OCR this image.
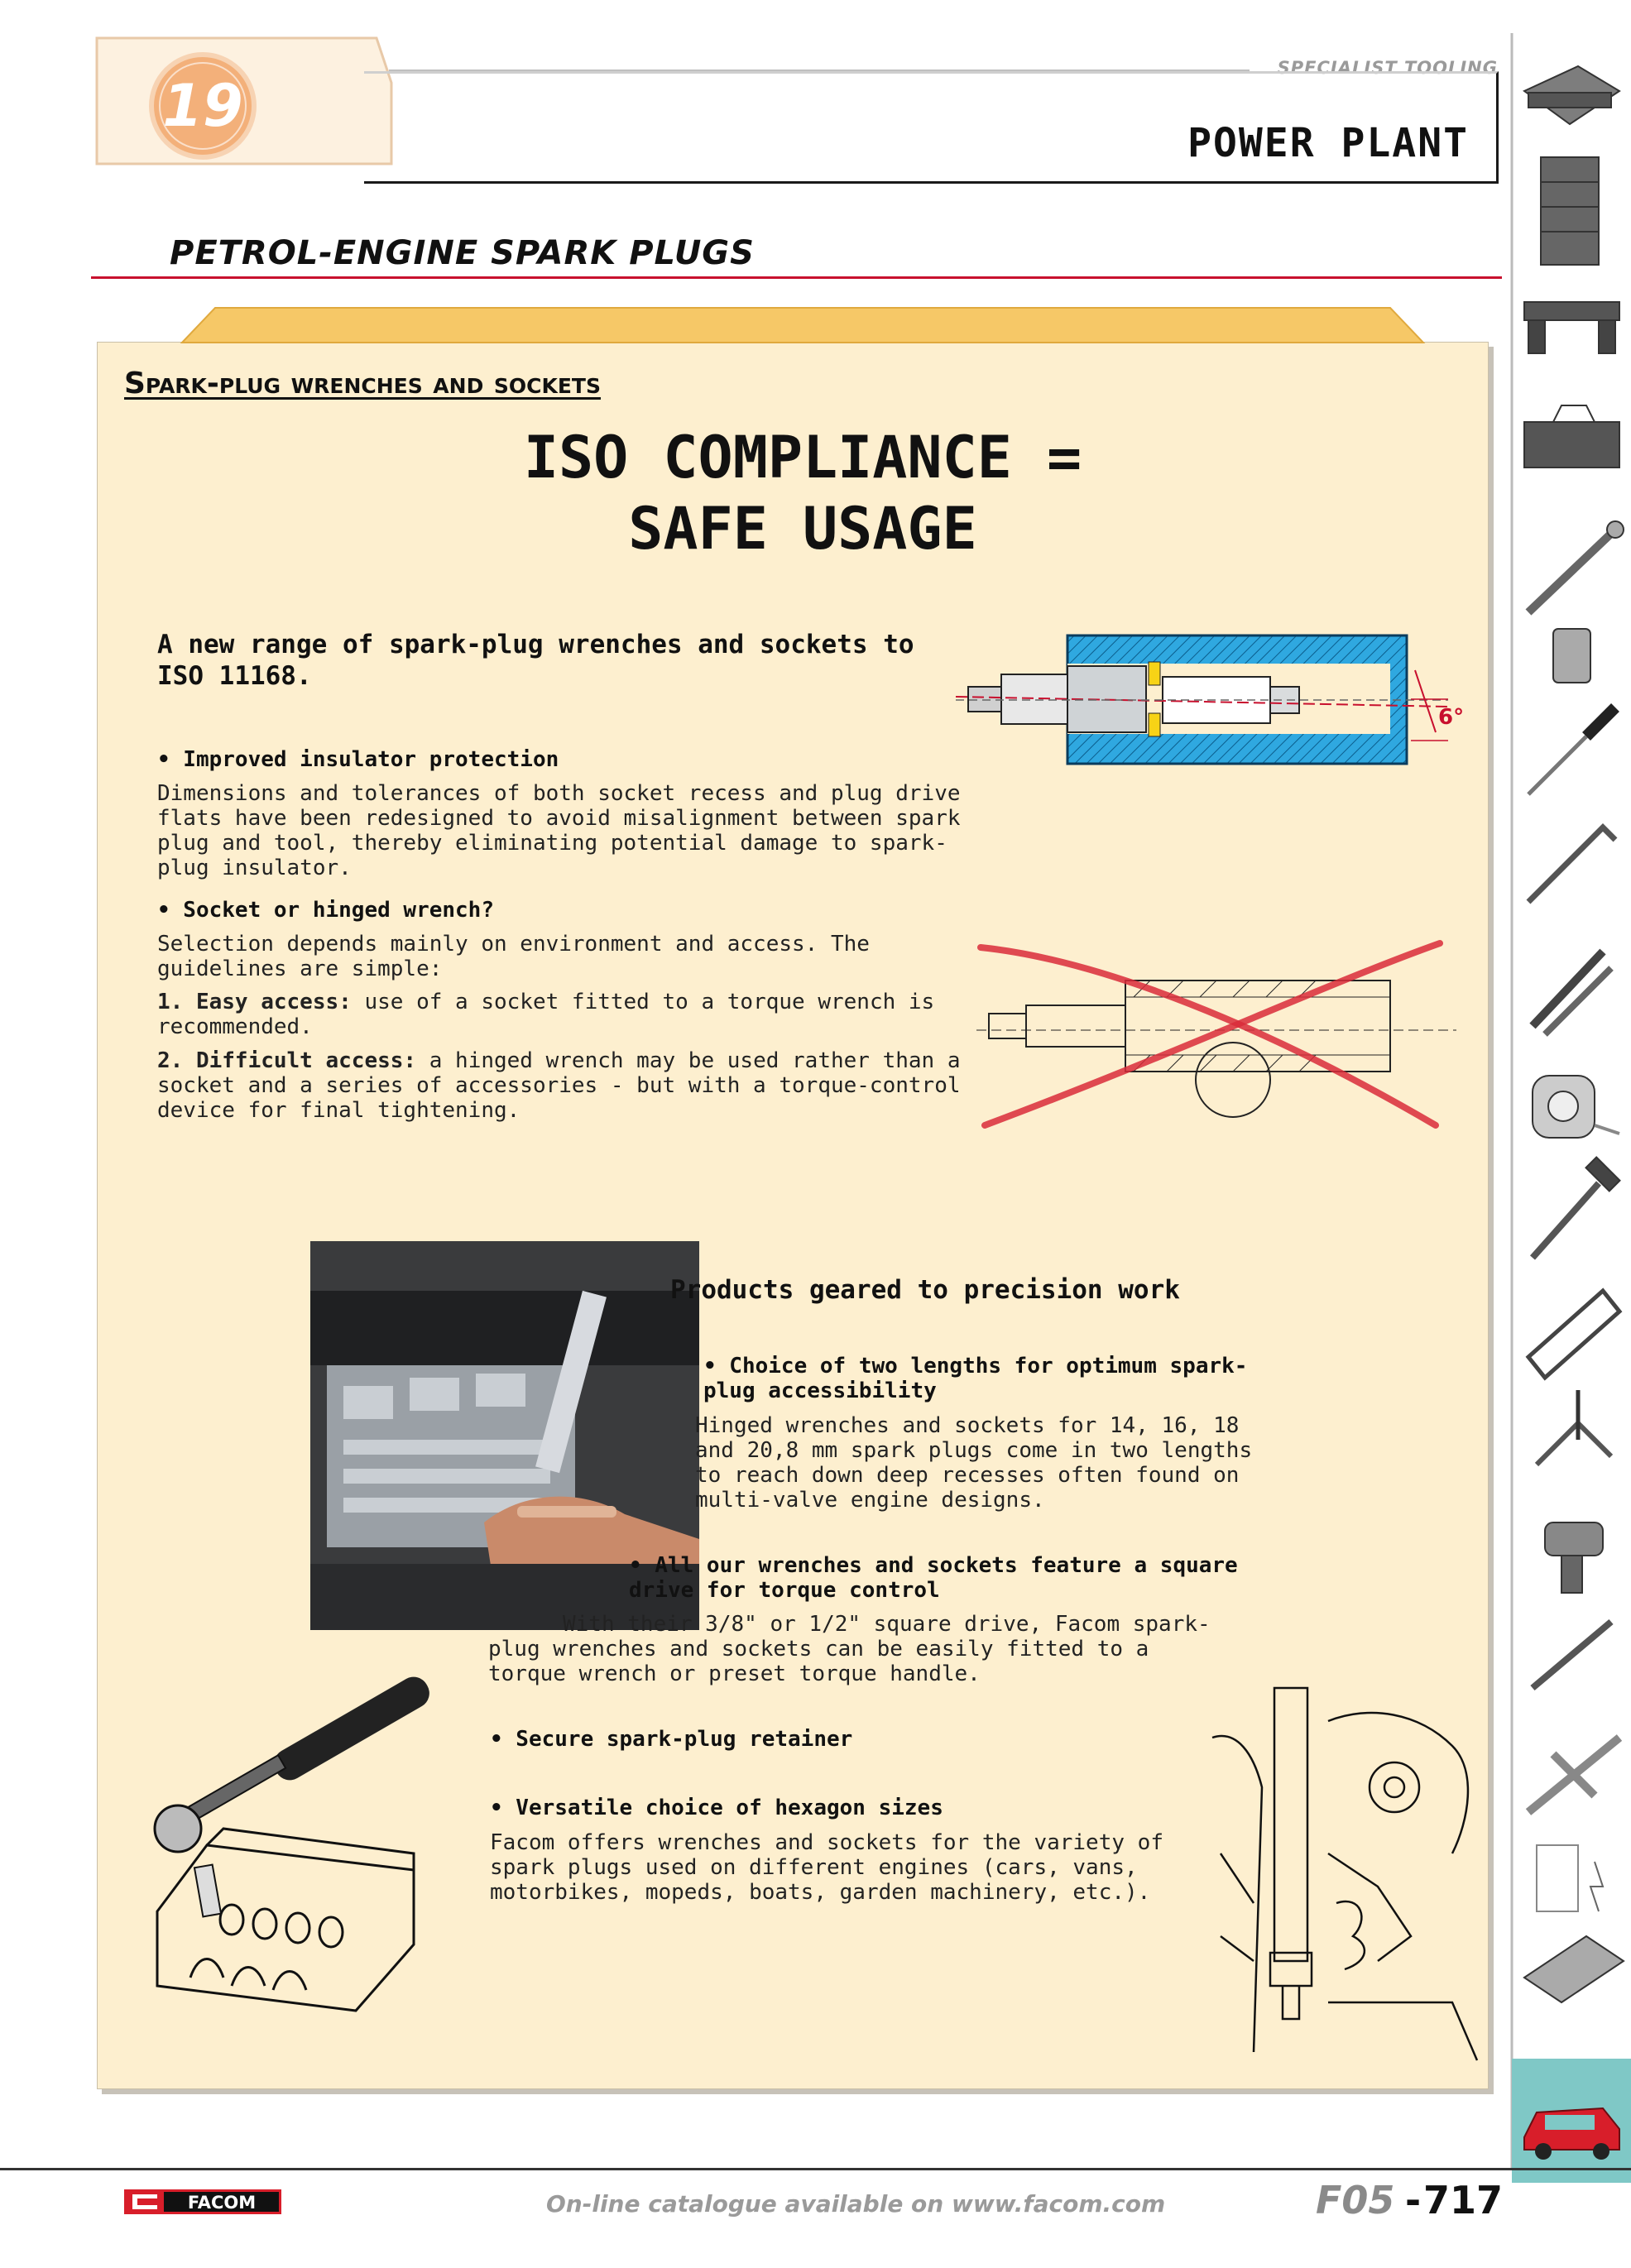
19
SPECIALIST TOOLING
POWER PLANT
PETROL-ENGINE SPARK PLUGS
Spark-plug wrenches and sockets
ISO COMPLIANCE =
SAFE USAGE
A new range of spark-plug wrenches and sockets to ISO 11168.
• Improved insulator protection
Dimensions and tolerances of both socket recess and plug drive flats have been redesigned to avoid misalignment between spark plug and tool, thereby eliminating potential damage to spark-plug insulator.
• Socket or hinged wrench?
Selection depends mainly on environment and access. The guidelines are simple:
1. Easy access: use of a socket fitted to a torque wrench is recommended.
2. Difficult access: a hinged wrench may be used rather than a socket and a series of accessories - but with a torque-control device for final tightening.
6°
Products geared to precision work
• Choice of two lengths for optimum spark-plug accessibility
Hinged wrenches and sockets for 14, 16, 18 and 20,8 mm spark plugs come in two lengths to reach down deep recesses often found on multi-valve engine designs.
• All our wrenches and sockets feature a square drive for torque control
With their 3/8" or 1/2" square drive, Facom spark-plug wrenches and sockets can be easily fitted to a torque wrench or preset torque handle.
• Secure spark-plug retainer
• Versatile choice of hexagon sizes
Facom offers wrenches and sockets for the variety of spark plugs used on different engines (cars, vans, motorbikes, mopeds, boats, garden machinery, etc.).
FACOM	On-line catalogue available on www.facom.com	F05
-
717
